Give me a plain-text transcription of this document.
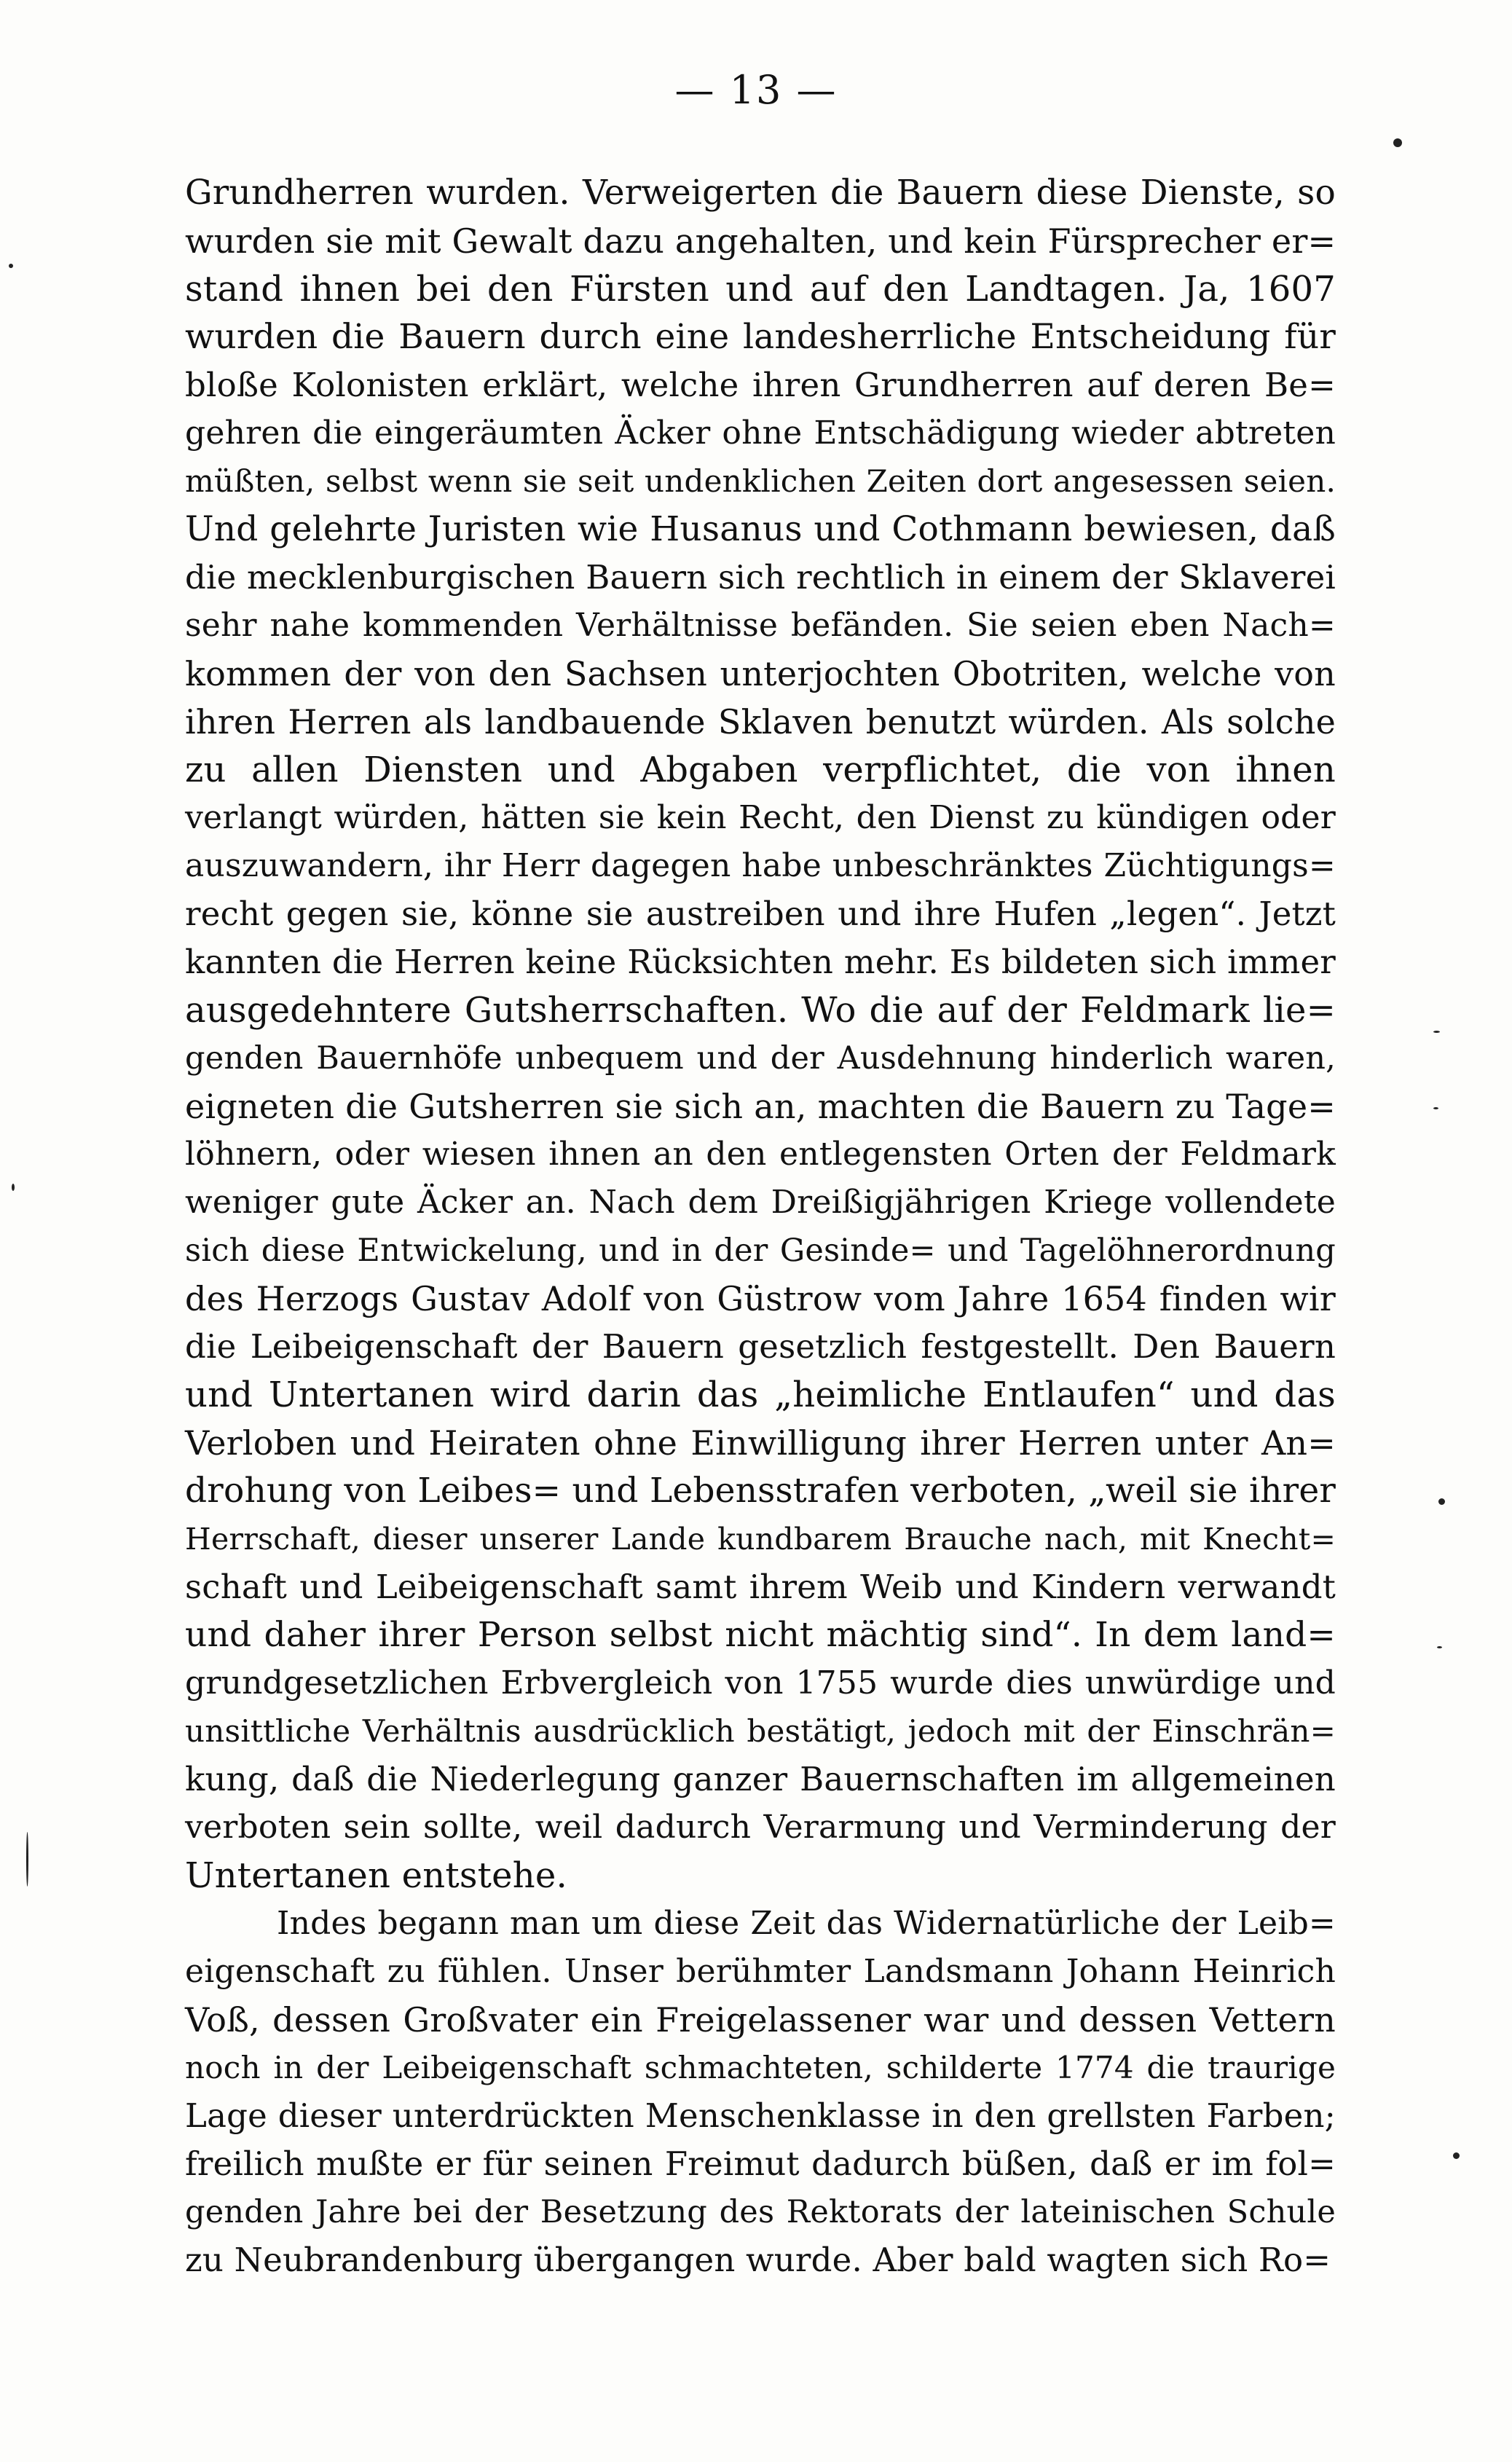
— 13 —
Grundherren wurden. Verweigerten die Bauern diese Dienste, so
wurden sie mit Gewalt dazu angehalten, und kein Fürsprecher er=
stand ihnen bei den Fürsten und auf den Landtagen. Ja, 1607
wurden die Bauern durch eine landesherrliche Entscheidung für
bloße Kolonisten erklärt, welche ihren Grundherren auf deren Be=
gehren die eingeräumten Äcker ohne Entschädigung wieder abtreten
müßten, selbst wenn sie seit undenklichen Zeiten dort angesessen seien.
Und gelehrte Juristen wie Husanus und Cothmann bewiesen, daß
die mecklenburgischen Bauern sich rechtlich in einem der Sklaverei
sehr nahe kommenden Verhältnisse befänden. Sie seien eben Nach=
kommen der von den Sachsen unterjochten Obotriten, welche von
ihren Herren als landbauende Sklaven benutzt würden. Als solche
zu allen Diensten und Abgaben verpflichtet, die von ihnen
verlangt würden, hätten sie kein Recht, den Dienst zu kündigen oder
auszuwandern, ihr Herr dagegen habe unbeschränktes Züchtigungs=
recht gegen sie, könne sie austreiben und ihre Hufen „legen“. Jetzt
kannten die Herren keine Rücksichten mehr. Es bildeten sich immer
ausgedehntere Gutsherrschaften. Wo die auf der Feldmark lie=
genden Bauernhöfe unbequem und der Ausdehnung hinderlich waren,
eigneten die Gutsherren sie sich an, machten die Bauern zu Tage=
löhnern, oder wiesen ihnen an den entlegensten Orten der Feldmark
weniger gute Äcker an. Nach dem Dreißigjährigen Kriege vollendete
sich diese Entwickelung, und in der Gesinde= und Tagelöhnerordnung
des Herzogs Gustav Adolf von Güstrow vom Jahre 1654 finden wir
die Leibeigenschaft der Bauern gesetzlich festgestellt. Den Bauern
und Untertanen wird darin das „heimliche Entlaufen“ und das
Verloben und Heiraten ohne Einwilligung ihrer Herren unter An=
drohung von Leibes= und Lebensstrafen verboten, „weil sie ihrer
Herrschaft, dieser unserer Lande kundbarem Brauche nach, mit Knecht=
schaft und Leibeigenschaft samt ihrem Weib und Kindern verwandt
und daher ihrer Person selbst nicht mächtig sind“. In dem land=
grundgesetzlichen Erbvergleich von 1755 wurde dies unwürdige und
unsittliche Verhältnis ausdrücklich bestätigt, jedoch mit der Einschrän=
kung, daß die Niederlegung ganzer Bauernschaften im allgemeinen
verboten sein sollte, weil dadurch Verarmung und Verminderung der
Untertanen entstehe.
Indes begann man um diese Zeit das Widernatürliche der Leib=
eigenschaft zu fühlen. Unser berühmter Landsmann Johann Heinrich
Voß, dessen Großvater ein Freigelassener war und dessen Vettern
noch in der Leibeigenschaft schmachteten, schilderte 1774 die traurige
Lage dieser unterdrückten Menschenklasse in den grellsten Farben;
freilich mußte er für seinen Freimut dadurch büßen, daß er im fol=
genden Jahre bei der Besetzung des Rektorats der lateinischen Schule
zu Neubrandenburg übergangen wurde. Aber bald wagten sich Ro=
